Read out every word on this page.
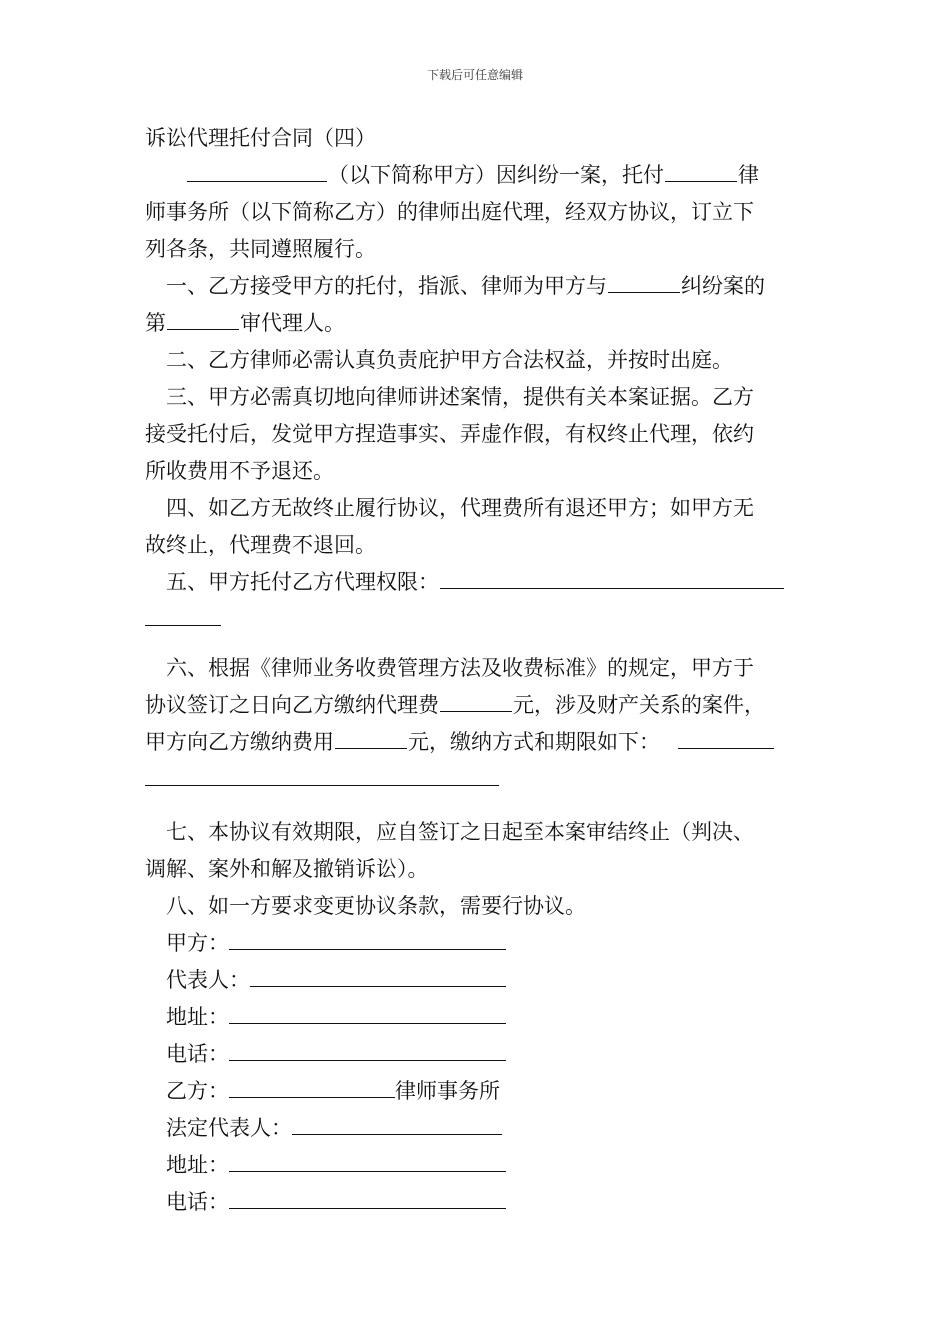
下载后可任意编辑
诉讼代理托付合同（四）
（以下简称甲方）因纠纷一案，托付	律
师事务所（以下简称乙方）的律师出庭代理，经双方协议，订立下
列各条，共同遵照履行。
一、乙方接受甲方的托付，指派、律师为甲方与	纠纷案的
第	审代理人。
二、乙方律师必需认真负责庇护甲方合法权益，并按时出庭。
三、甲方必需真切地向律师讲述案情，提供有关本案证据。乙方
接受托付后，发觉甲方捏造事实、弄虚作假，有权终止代理，依约
所收费用不予退还。
四、如乙方无故终止履行协议，代理费所有退还甲方；如甲方无
故终止，代理费不退回。
五、甲方托付乙方代理权限：
六、根据《律师业务收费管理方法及收费标准》的规定，甲方于
协议签订之日向乙方缴纳代理费	元，涉及财产关系的案件，
甲方向乙方缴纳费用	元，缴纳方式和期限如下：
七、本协议有效期限，应自签订之日起至本案审结终止（判决、
调解、案外和解及撤销诉讼）。
八、如一方要求变更协议条款，需要行协议。
甲方：
代表人：
地址：
电话：
乙方：	律师事务所
法定代表人：
地址：
电话：
